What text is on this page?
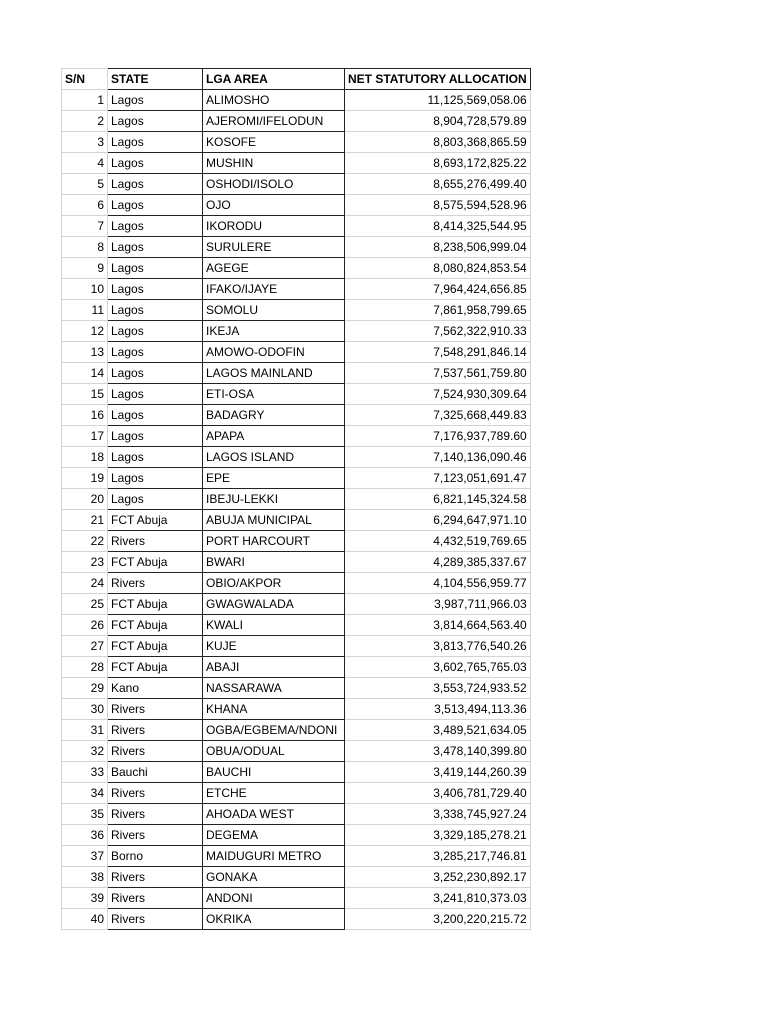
S/N	STATE	LGA AREA	NET STATUTORY ALLOCATION
1	Lagos	ALIMOSHO	11,125,569,058.06
2	Lagos	AJEROMI/IFELODUN	8,904,728,579.89
3	Lagos	KOSOFE	8,803,368,865.59
4	Lagos	MUSHIN	8,693,172,825.22
5	Lagos	OSHODI/ISOLO	8,655,276,499.40
6	Lagos	OJO	8,575,594,528.96
7	Lagos	IKORODU	8,414,325,544.95
8	Lagos	SURULERE	8,238,506,999.04
9	Lagos	AGEGE	8,080,824,853.54
10	Lagos	IFAKO/IJAYE	7,964,424,656.85
11	Lagos	SOMOLU	7,861,958,799.65
12	Lagos	IKEJA	7,562,322,910.33
13	Lagos	AMOWO-ODOFIN	7,548,291,846.14
14	Lagos	LAGOS MAINLAND	7,537,561,759.80
15	Lagos	ETI-OSA	7,524,930,309.64
16	Lagos	BADAGRY	7,325,668,449.83
17	Lagos	APAPA	7,176,937,789.60
18	Lagos	LAGOS ISLAND	7,140,136,090.46
19	Lagos	EPE	7,123,051,691.47
20	Lagos	IBEJU-LEKKI	6,821,145,324.58
21	FCT Abuja	ABUJA MUNICIPAL	6,294,647,971.10
22	Rivers	PORT HARCOURT	4,432,519,769.65
23	FCT Abuja	BWARI	4,289,385,337.67
24	Rivers	OBIO/AKPOR	4,104,556,959.77
25	FCT Abuja	GWAGWALADA	3,987,711,966.03
26	FCT Abuja	KWALI	3,814,664,563.40
27	FCT Abuja	KUJE	3,813,776,540.26
28	FCT Abuja	ABAJI	3,602,765,765.03
29	Kano	NASSARAWA	3,553,724,933.52
30	Rivers	KHANA	3,513,494,113.36
31	Rivers	OGBA/EGBEMA/NDONI	3,489,521,634.05
32	Rivers	OBUA/ODUAL	3,478,140,399.80
33	Bauchi	BAUCHI	3,419,144,260.39
34	Rivers	ETCHE	3,406,781,729.40
35	Rivers	AHOADA WEST	3,338,745,927.24
36	Rivers	DEGEMA	3,329,185,278.21
37	Borno	MAIDUGURI METRO	3,285,217,746.81
38	Rivers	GONAKA	3,252,230,892.17
39	Rivers	ANDONI	3,241,810,373.03
40	Rivers	OKRIKA	3,200,220,215.72
